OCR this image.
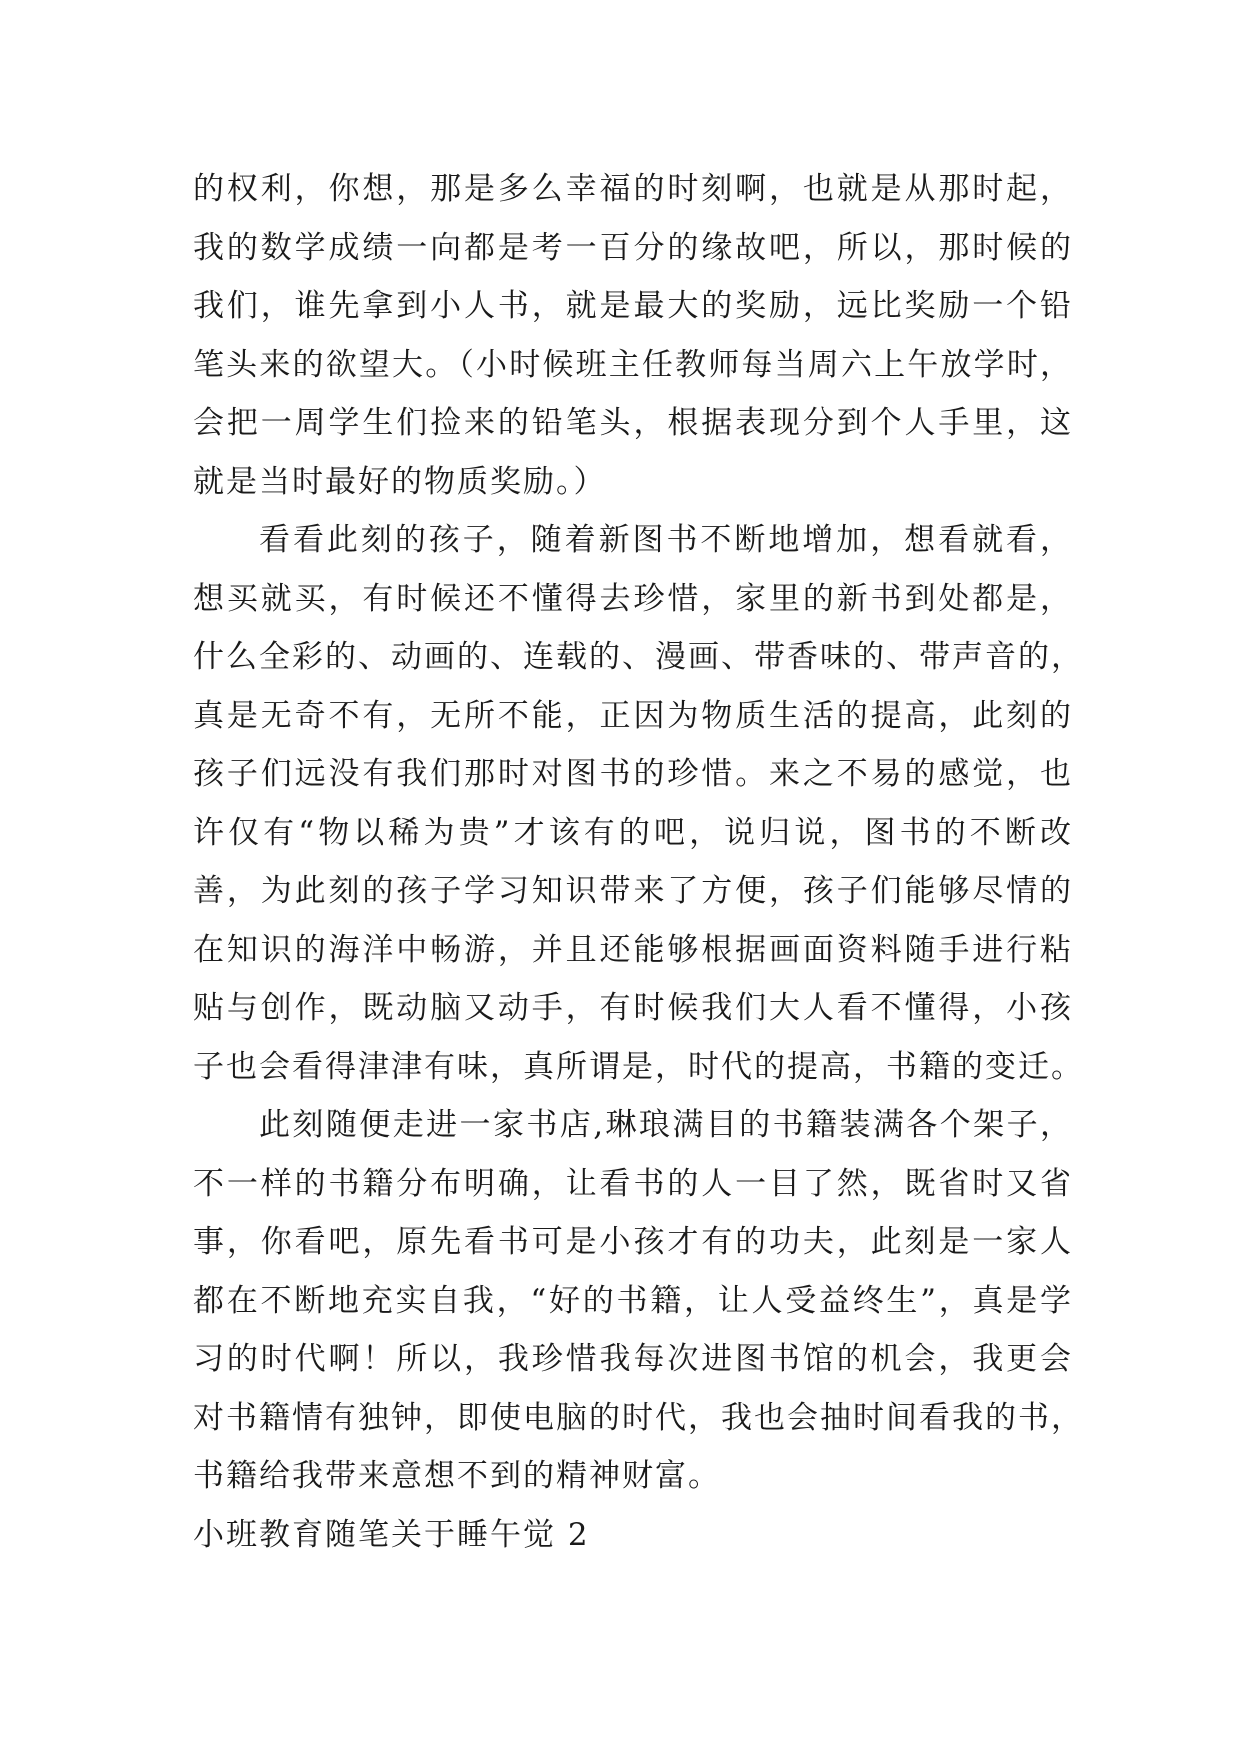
的权利，你想，那是多么幸福的时刻啊，也就是从那时起，
我的数学成绩一向都是考一百分的缘故吧，所以，那时候的
我们，谁先拿到小人书，就是最大的奖励，远比奖励一个铅
笔头来的欲望大。（小时候班主任教师每当周六上午放学时，
会把一周学生们捡来的铅笔头，根据表现分到个人手里，这
就是当时最好的物质奖励。）

看看此刻的孩子，随着新图书不断地增加，想看就看，
想买就买，有时候还不懂得去珍惜，家里的新书到处都是，
什么全彩的、动画的、连载的、漫画、带香味的、带声音的，
真是无奇不有，无所不能，正因为物质生活的提高，此刻的
孩子们远没有我们那时对图书的珍惜。来之不易的感觉，也
许仅有“物以稀为贵”才该有的吧，说归说，图书的不断改
善，为此刻的孩子学习知识带来了方便，孩子们能够尽情的
在知识的海洋中畅游，并且还能够根据画面资料随手进行粘
贴与创作，既动脑又动手，有时候我们大人看不懂得，小孩
子也会看得津津有味，真所谓是，时代的提高，书籍的变迁。

此刻随便走进一家书店,琳琅满目的书籍装满各个架子，
不一样的书籍分布明确，让看书的人一目了然，既省时又省
事，你看吧，原先看书可是小孩才有的功夫，此刻是一家人
都在不断地充实自我，“好的书籍，让人受益终生”，真是学
习的时代啊！所以，我珍惜我每次进图书馆的机会，我更会
对书籍情有独钟，即使电脑的时代，我也会抽时间看我的书，
书籍给我带来意想不到的精神财富。

小班教育随笔关于睡午觉 2
